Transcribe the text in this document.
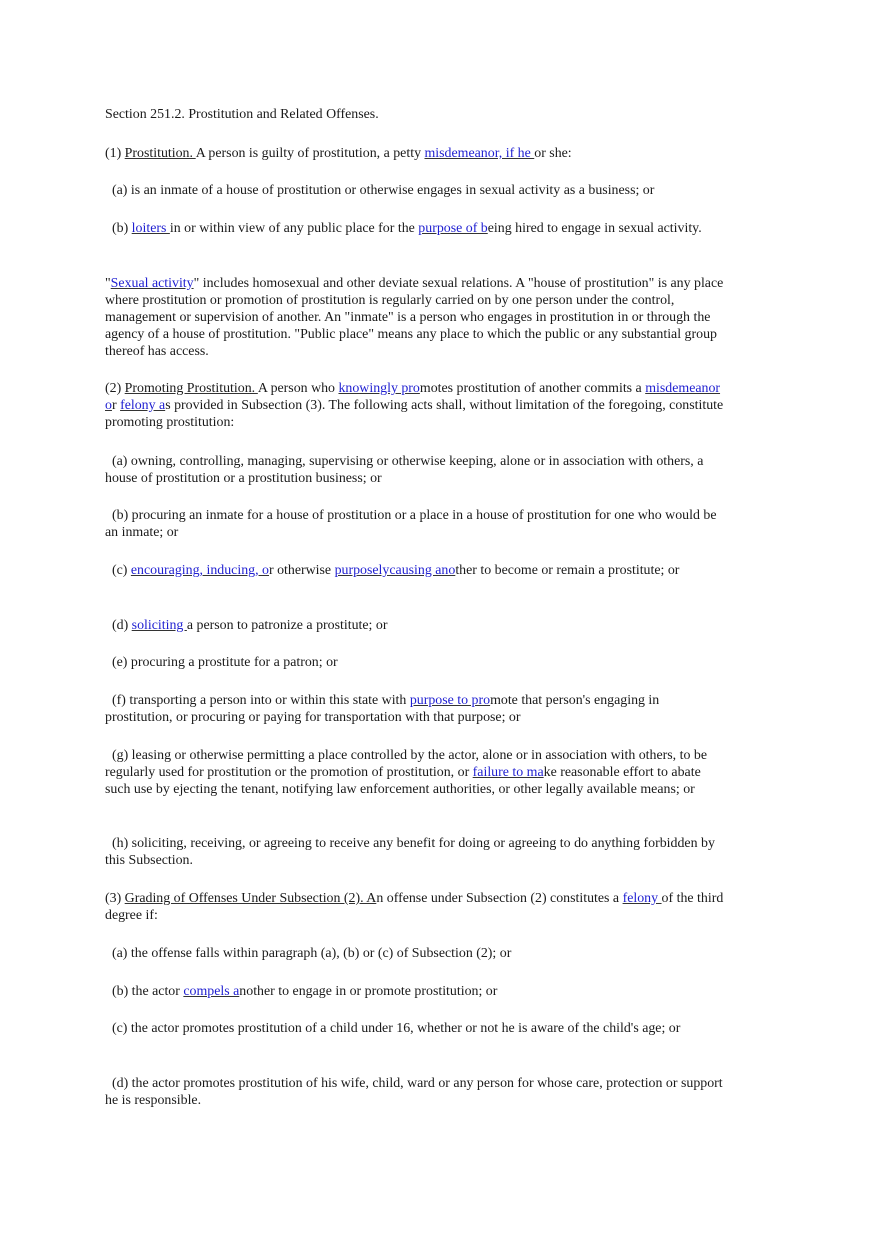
Section 251.2. Prostitution and Related Offenses.

(1) Prostitution. A person is guilty of prostitution, a petty misdemeanor, if he or she:

(a) is an inmate of a house of prostitution or otherwise engages in sexual activity as a business; or

(b) loiters in or within view of any public place for the purpose of being hired to engage in sexual activity.

"Sexual activity" includes homosexual and other deviate sexual relations. A "house of prostitution" is any place where prostitution or promotion of prostitution is regularly carried on by one person under the control, management or supervision of another. An "inmate" is a person who engages in prostitution in or through the agency of a house of prostitution. "Public place" means any place to which the public or any substantial group thereof has access.

(2) Promoting Prostitution. A person who knowingly promotes prostitution of another commits a misdemeanor or felony as provided in Subsection (3). The following acts shall, without limitation of the foregoing, constitute promoting prostitution:

(a) owning, controlling, managing, supervising or otherwise keeping, alone or in association with others, a house of prostitution or a prostitution business; or

(b) procuring an inmate for a house of prostitution or a place in a house of prostitution for one who would be an inmate; or

(c) encouraging, inducing, or otherwise purposelycausing another to become or remain a prostitute; or

(d) soliciting a person to patronize a prostitute; or

(e) procuring a prostitute for a patron; or

(f) transporting a person into or within this state with purpose to promote that person's engaging in prostitution, or procuring or paying for transportation with that purpose; or

(g) leasing or otherwise permitting a place controlled by the actor, alone or in association with others, to be regularly used for prostitution or the promotion of prostitution, or failure to make reasonable effort to abate such use by ejecting the tenant, notifying law enforcement authorities, or other legally available means; or

(h) soliciting, receiving, or agreeing to receive any benefit for doing or agreeing to do anything forbidden by this Subsection.

(3) Grading of Offenses Under Subsection (2). An offense under Subsection (2) constitutes a felony of the third degree if:

(a) the offense falls within paragraph (a), (b) or (c) of Subsection (2); or

(b) the actor compels another to engage in or promote prostitution; or

(c) the actor promotes prostitution of a child under 16, whether or not he is aware of the child's age; or

(d) the actor promotes prostitution of his wife, child, ward or any person for whose care, protection or support he is responsible.
